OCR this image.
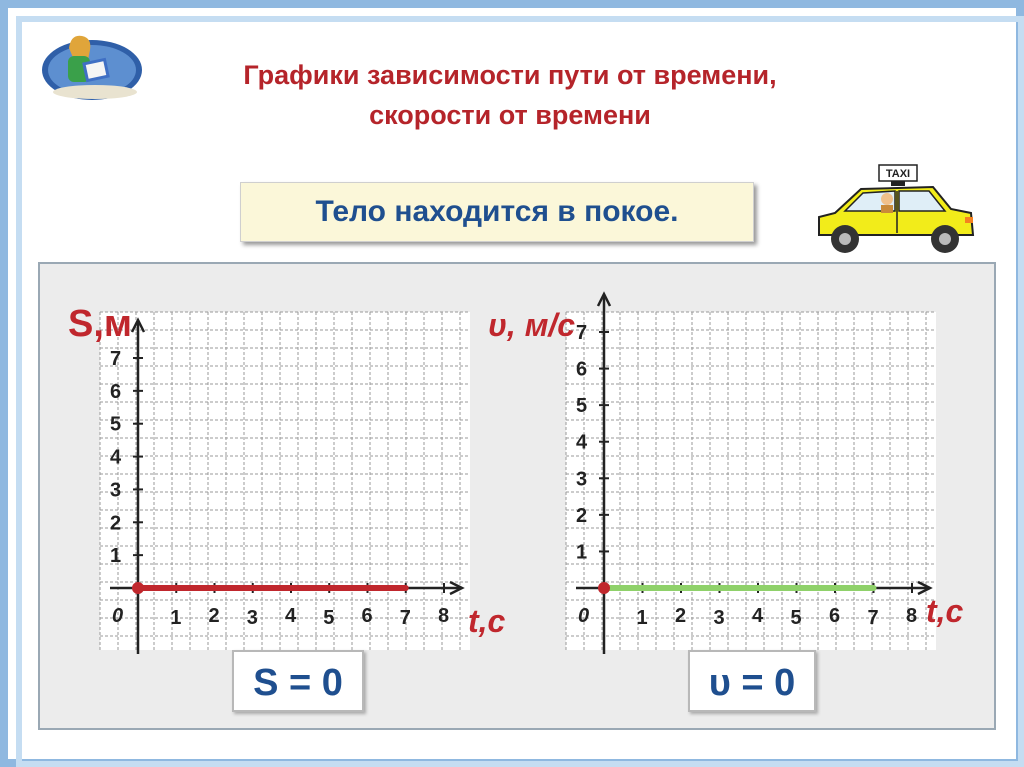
Графики зависимости пути от времени,
скорости от времени
Тело находится в покое.
TAXI
1 2 3 4 5 6 7 8
1
2
3
4
5
6
7
S,м
t,с
0
S = 0
1 2 3 4 5 6 7 8
1
2
3
4
5
6
7
υ, м/с
t,с
0
υ = 0
